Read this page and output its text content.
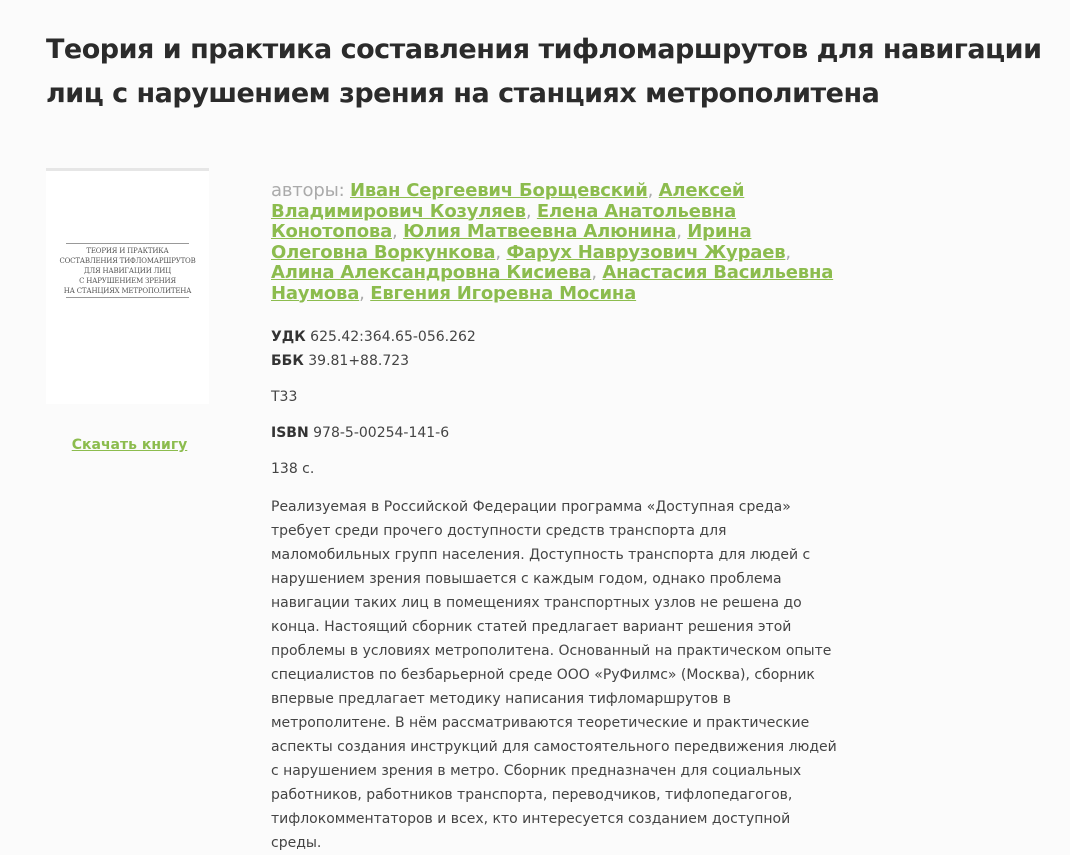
Теория и практика составления тифломаршрутов для навигации лиц с нарушением зрения на станциях метрополитена
ТЕОРИЯ И ПРАКТИКА
СОСТАВЛЕНИЯ ТИФЛОМАРШРУТОВ
ДЛЯ НАВИГАЦИИ ЛИЦ
С НАРУШЕНИЕМ ЗРЕНИЯ
НА СТАНЦИЯХ МЕТРОПОЛИТЕНА
Скачать книгу
авторы: Иван Сергеевич Борщевский, Алексей Владимирович Козуляев, Елена Анатольевна Конотопова, Юлия Матвеевна Алюнина, Ирина Олеговна Воркункова, Фарух Наврузович Жураев, Алина Александровна Кисиева, Анастасия Васильевна Наумова, Евгения Игоревна Мосина
УДК 625.42:364.65-056.262
ББК 39.81+88.723
Т33
ISBN 978-5-00254-141-6
138 с.
Реализуемая в Российской Федерации программа «Доступная среда» требует среди прочего доступности средств транспорта для маломобильных групп населения. Доступность транспорта для людей с нарушением зрения повышается с каждым годом, однако проблема навигации таких лиц в помещениях транспортных узлов не решена до конца. Настоящий сборник статей предлагает вариант решения этой проблемы в условиях метрополитена. Основанный на практическом опыте специалистов по безбарьерной среде ООО «РуФилмс» (Москва), сборник впервые предлагает методику написания тифломаршрутов в метрополитене. В нём рассматриваются теоретические и практические аспекты создания инструкций для самостоятельного передвижения людей с нарушением зрения в метро. Сборник предназначен для социальных работников, работников транспорта, переводчиков, тифлопедагогов, тифлокомментаторов и всех, кто интересуется созданием доступной среды.
